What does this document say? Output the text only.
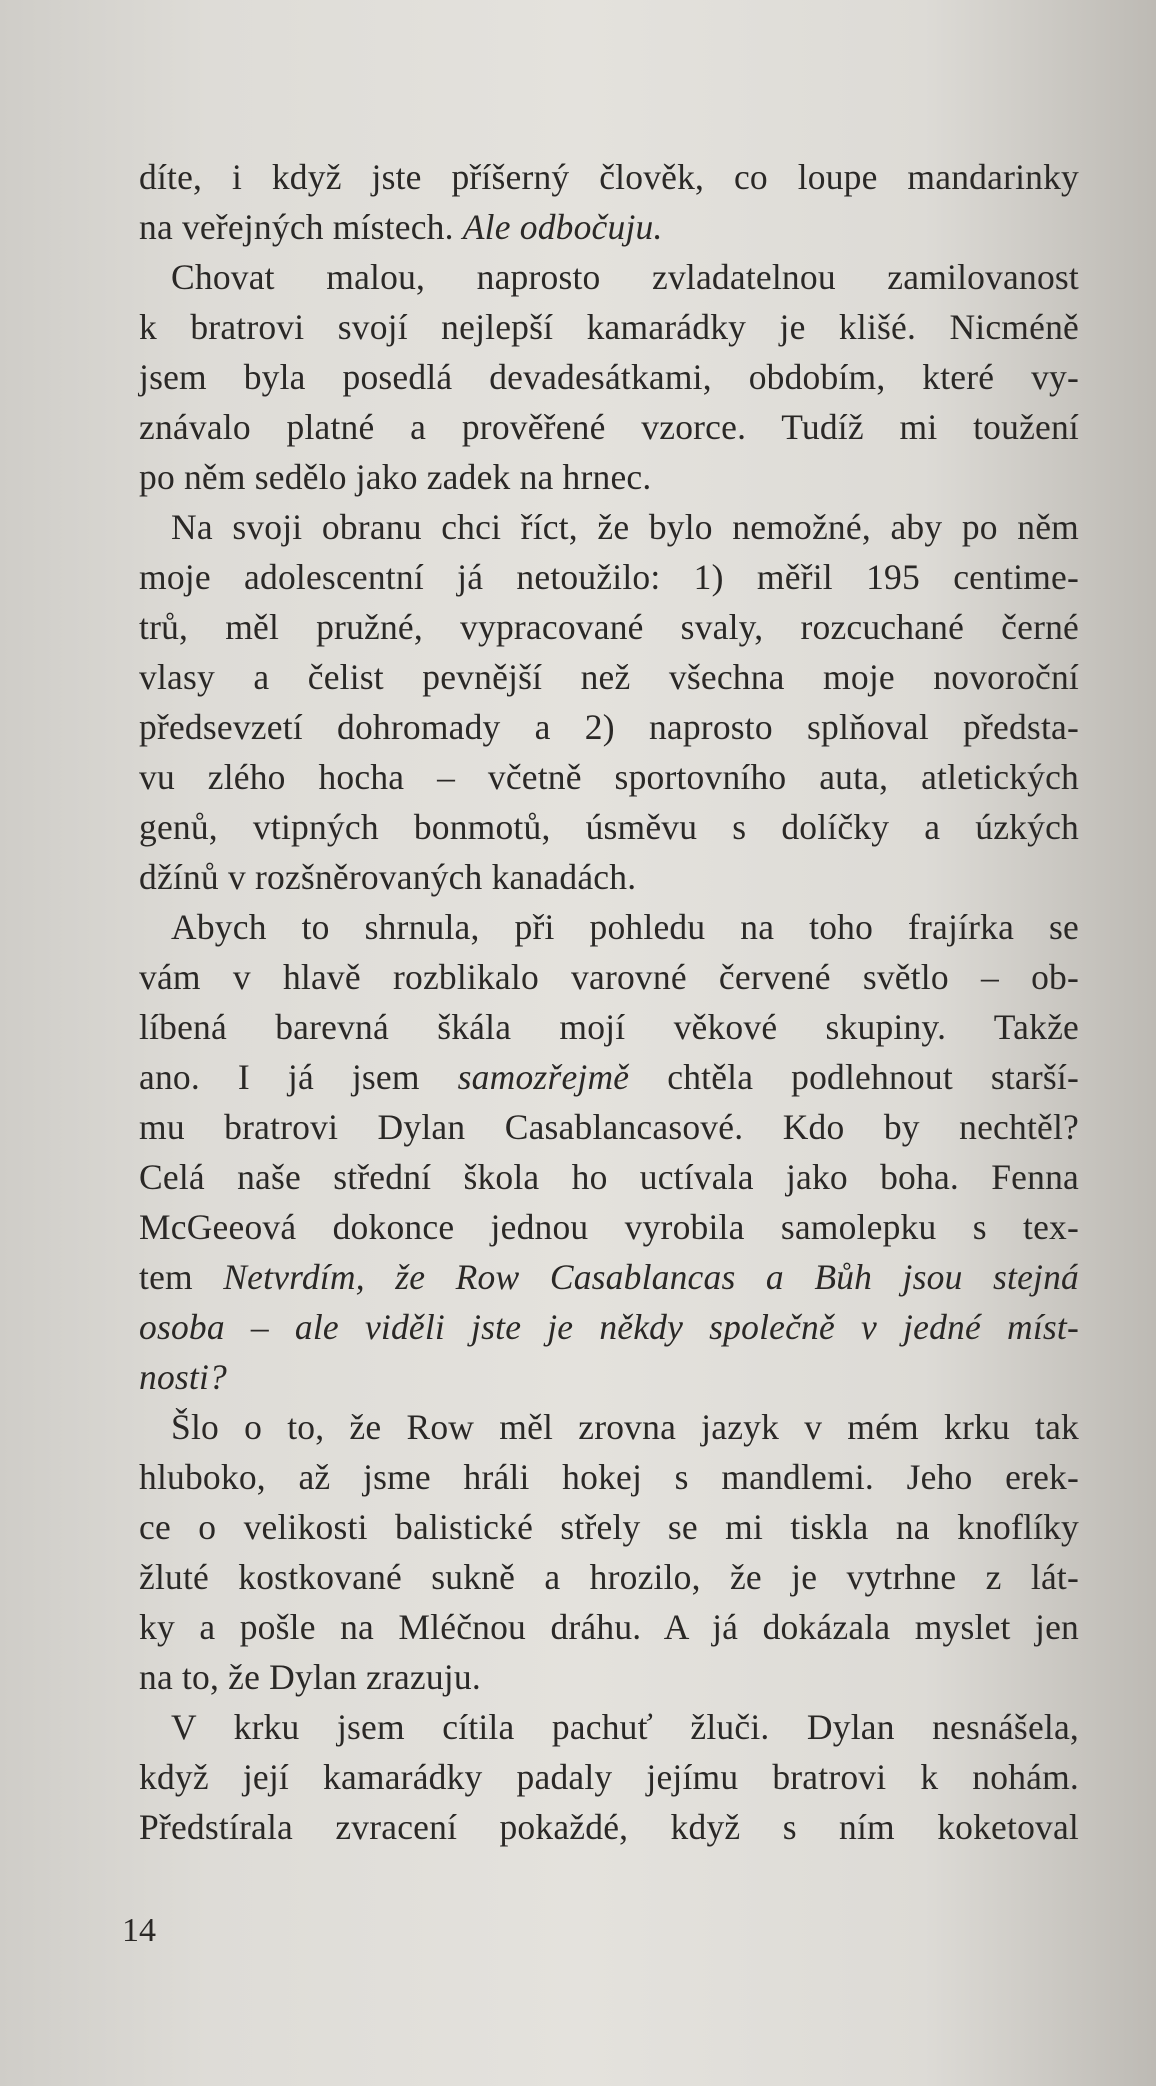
díte, i když jste příšerný člověk, co loupe mandarinky
na veřejných místech. Ale odbočuju.
Chovat malou, naprosto zvladatelnou zamilovanost
k bratrovi svojí nejlepší kamarádky je klišé. Nicméně
jsem byla posedlá devadesátkami, obdobím, které vy-
znávalo platné a prověřené vzorce. Tudíž mi toužení
po něm sedělo jako zadek na hrnec.
Na svoji obranu chci říct, že bylo nemožné, aby po něm
moje adolescentní já netoužilo: 1) měřil 195 centime-
trů, měl pružné, vypracované svaly, rozcuchané černé
vlasy a čelist pevnější než všechna moje novoroční
předsevzetí dohromady a 2) naprosto splňoval předsta-
vu zlého hocha – včetně sportovního auta, atletických
genů, vtipných bonmotů, úsměvu s dolíčky a úzkých
džínů v rozšněrovaných kanadách.
Abych to shrnula, při pohledu na toho frajírka se
vám v hlavě rozblikalo varovné červené světlo – ob-
líbená barevná škála mojí věkové skupiny. Takže
ano. I já jsem samozřejmě chtěla podlehnout starší-
mu bratrovi Dylan Casablancasové. Kdo by nechtěl?
Celá naše střední škola ho uctívala jako boha. Fenna
McGeeová dokonce jednou vyrobila samolepku s tex-
tem Netvrdím, že Row Casablancas a Bůh jsou stejná
osoba – ale viděli jste je někdy společně v jedné míst-
nosti?
Šlo o to, že Row měl zrovna jazyk v mém krku tak
hluboko, až jsme hráli hokej s mandlemi. Jeho erek-
ce o velikosti balistické střely se mi tiskla na knoflíky
žluté kostkované sukně a hrozilo, že je vytrhne z lát-
ky a pošle na Mléčnou dráhu. A já dokázala myslet jen
na to, že Dylan zrazuju.
V krku jsem cítila pachuť žluči. Dylan nesnášela,
když její kamarádky padaly jejímu bratrovi k nohám.
Předstírala zvracení pokaždé, když s ním koketoval
14
